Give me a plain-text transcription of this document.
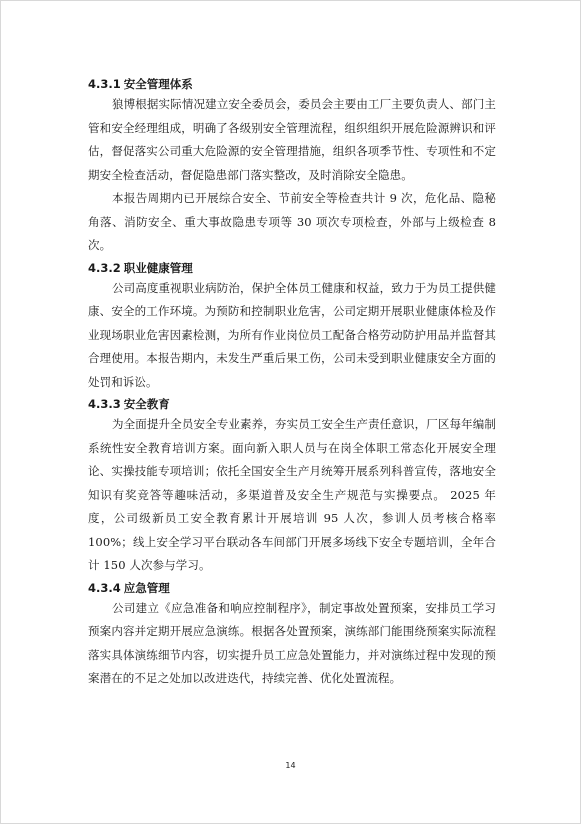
4.3.1 安全管理体系

狼博根据实际情况建立安全委员会，委员会主要由工厂主要负责人、部门主管和安全经理组成，明确了各级别安全管理流程，组织组织开展危险源辨识和评估，督促落实公司重大危险源的安全管理措施，组织各项季节性、专项性和不定期安全检查活动，督促隐患部门落实整改，及时消除安全隐患。

本报告周期内已开展综合安全、节前安全等检查共计 9 次，危化品、隐秘角落、消防安全、重大事故隐患专项等 30 项次专项检查，外部与上级检查 8 次。

4.3.2 职业健康管理

公司高度重视职业病防治，保护全体员工健康和权益，致力于为员工提供健康、安全的工作环境。为预防和控制职业危害，公司定期开展职业健康体检及作业现场职业危害因素检测，为所有作业岗位员工配备合格劳动防护用品并监督其合理使用。本报告期内，未发生严重后果工伤，公司未受到职业健康安全方面的处罚和诉讼。

4.3.3 安全教育

为全面提升全员安全专业素养，夯实员工安全生产责任意识，厂区每年编制系统性安全教育培训方案。面向新入职人员与在岗全体职工常态化开展安全理论、实操技能专项培训；依托全国安全生产月统筹开展系列科普宣传，落地安全知识有奖竞答等趣味活动，多渠道普及安全生产规范与实操要点。 2025 年度，公司级新员工安全教育累计开展培训 95 人次，参训人员考核合格率 100%；线上安全学习平台联动各车间部门开展多场线下安全专题培训，全年合计 150 人次参与学习。

4.3.4 应急管理

公司建立《应急准备和响应控制程序》，制定事故处置预案，安排员工学习预案内容并定期开展应急演练。根据各处置预案，演练部门能围绕预案实际流程落实具体演练细节内容，切实提升员工应急处置能力，并对演练过程中发现的预案潜在的不足之处加以改进迭代，持续完善、优化处置流程。

14
